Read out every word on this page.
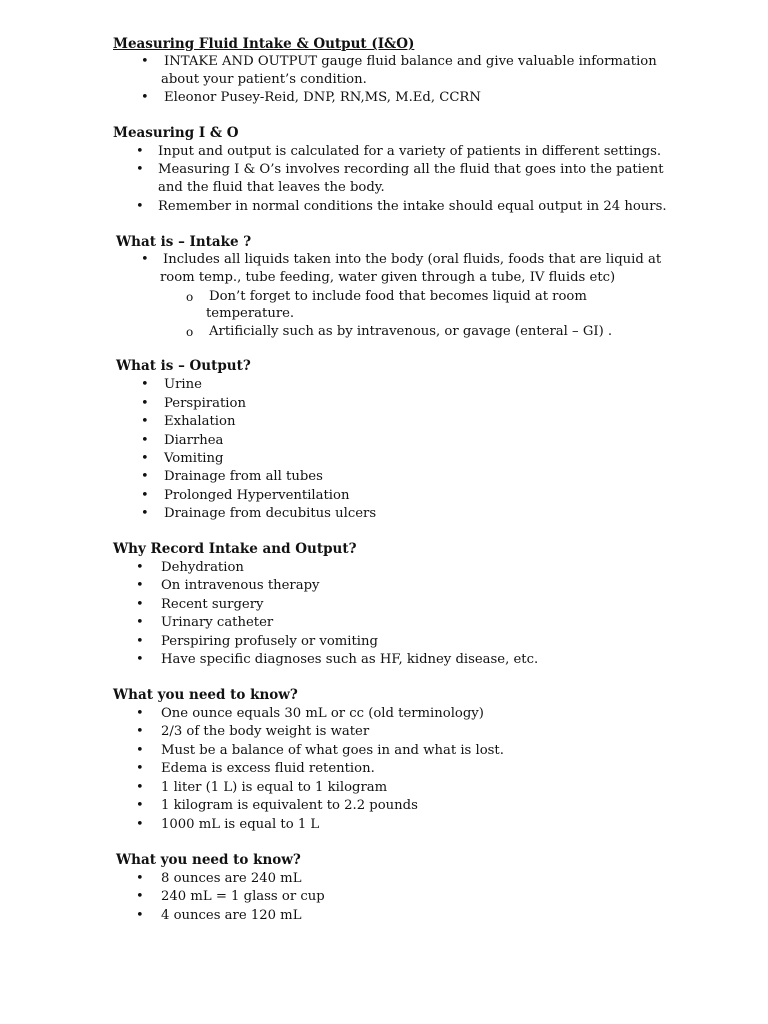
Measuring Fluid Intake & Output (I&O)
• INTAKE AND OUTPUT gauge fluid balance and give valuable information
about your patient’s condition.
• Eleonor Pusey-Reid, DNP, RN,MS, M.Ed, CCRN
Measuring I & O
• Input and output is calculated for a variety of patients in different settings.
• Measuring I & O’s involves recording all the fluid that goes into the patient
and the fluid that leaves the body.
• Remember in normal conditions the intake should equal output in 24 hours.
What is – Intake ?
• Includes all liquids taken into the body (oral fluids, foods that are liquid at
room temp., tube feeding, water given through a tube, IV fluids etc)
o Don’t forget to include food that becomes liquid at room
temperature.
o Artificially such as by intravenous, or gavage (enteral – GI) .
What is – Output?
• Urine
• Perspiration
• Exhalation
• Diarrhea
• Vomiting
• Drainage from all tubes
• Prolonged Hyperventilation
• Drainage from decubitus ulcers
Why Record Intake and Output?
• Dehydration
• On intravenous therapy
• Recent surgery
• Urinary catheter
• Perspiring profusely or vomiting
• Have specific diagnoses such as HF, kidney disease, etc.
What you need to know?
• One ounce equals 30 mL or cc (old terminology)
• 2/3 of the body weight is water
• Must be a balance of what goes in and what is lost.
• Edema is excess fluid retention.
• 1 liter (1 L) is equal to 1 kilogram
• 1 kilogram is equivalent to 2.2 pounds
• 1000 mL is equal to 1 L
What you need to know?
• 8 ounces are 240 mL
• 240 mL = 1 glass or cup
• 4 ounces are 120 mL
